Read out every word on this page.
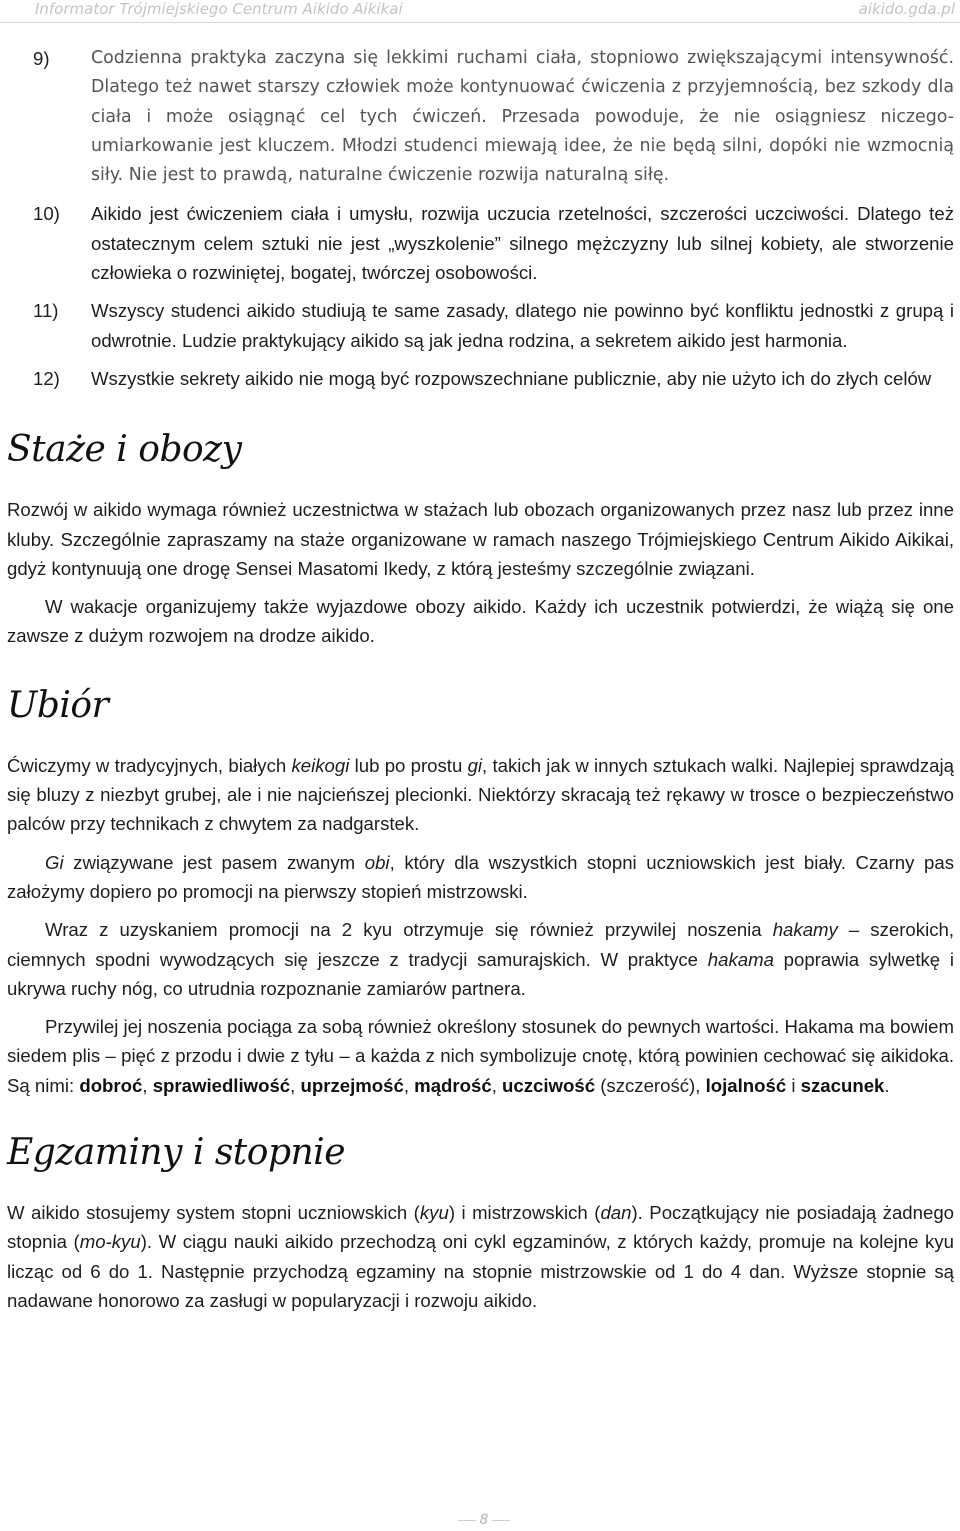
Informator Trójmiejskiego Centrum Aikido Aikikai	aikido.gda.pl
9)	Codzienna praktyka zaczyna się lekkimi ruchami ciała, stopniowo zwiększającymi intensywność. Dlatego też nawet starszy człowiek może kontynuować ćwiczenia z przyjemnością, bez szkody dla ciała i może osiągnąć cel tych ćwiczeń. Przesada powoduje, że nie osiągniesz niczego-umiarkowanie jest kluczem. Młodzi studenci miewają idee, że nie będą silni, dopóki nie wzmocnią siły. Nie jest to prawdą, naturalne ćwiczenie rozwija naturalną siłę.
10)	Aikido jest ćwiczeniem ciała i umysłu, rozwija uczucia rzetelności, szczerości uczciwości. Dlatego też ostatecznym celem sztuki nie jest „wyszkolenie” silnego mężczyzny lub silnej kobiety, ale stworzenie człowieka o rozwiniętej, bogatej, twórczej osobowości.
11)	Wszyscy studenci aikido studiują te same zasady, dlatego nie powinno być konfliktu jednostki z grupą i odwrotnie. Ludzie praktykujący aikido są jak jedna rodzina, a sekretem aikido jest harmonia.
12)	Wszystkie sekrety aikido nie mogą być rozpowszechniane publicznie, aby nie użyto ich do złych celów
Staże i obozy

Rozwój w aikido wymaga również uczestnictwa w stażach lub obozach organizowanych przez nasz lub przez inne kluby. Szczególnie zapraszamy na staże organizowane w ramach naszego Trójmiejskiego Centrum Aikido Aikikai, gdyż kontynuują one drogę Sensei Masatomi Ikedy, z którą jesteśmy szczególnie związani.

W wakacje organizujemy także wyjazdowe obozy aikido. Każdy ich uczestnik potwierdzi, że wiążą się one zawsze z dużym rozwojem na drodze aikido.

Ubiór

Ćwiczymy w tradycyjnych, białych keikogi lub po prostu gi, takich jak w innych sztukach walki. Najlepiej sprawdzają się bluzy z niezbyt grubej, ale i nie najcieńszej plecionki. Niektórzy skracają też rękawy w trosce o bezpieczeństwo palców przy technikach z chwytem za nadgarstek.

Gi związywane jest pasem zwanym obi, który dla wszystkich stopni uczniowskich jest biały. Czarny pas założymy dopiero po promocji na pierwszy stopień mistrzowski.

Wraz z uzyskaniem promocji na 2 kyu otrzymuje się również przywilej noszenia hakamy – szerokich, ciemnych spodni wywodzących się jeszcze z tradycji samurajskich. W praktyce hakama poprawia sylwetkę i ukrywa ruchy nóg, co utrudnia rozpoznanie zamiarów partnera.

Przywilej jej noszenia pociąga za sobą również określony stosunek do pewnych wartości. Hakama ma bowiem siedem plis – pięć z przodu i dwie z tyłu – a każda z nich symbolizuje cnotę, którą powinien cechować się aikidoka. Są nimi: dobroć, sprawiedliwość, uprzejmość, mądrość, uczciwość (szczerość), lojalność i szacunek.

Egzaminy i stopnie

W aikido stosujemy system stopni uczniowskich (kyu) i mistrzowskich (dan). Początkujący nie posiadają żadnego stopnia (mo-kyu). W ciągu nauki aikido przechodzą oni cykl egzaminów, z których każdy, promuje na kolejne kyu licząc od 6 do 1. Następnie przychodzą egzaminy na stopnie mistrzowskie od 1 do 4 dan. Wyższe stopnie są nadawane honorowo za zasługi w popularyzacji i rozwoju aikido.

8
